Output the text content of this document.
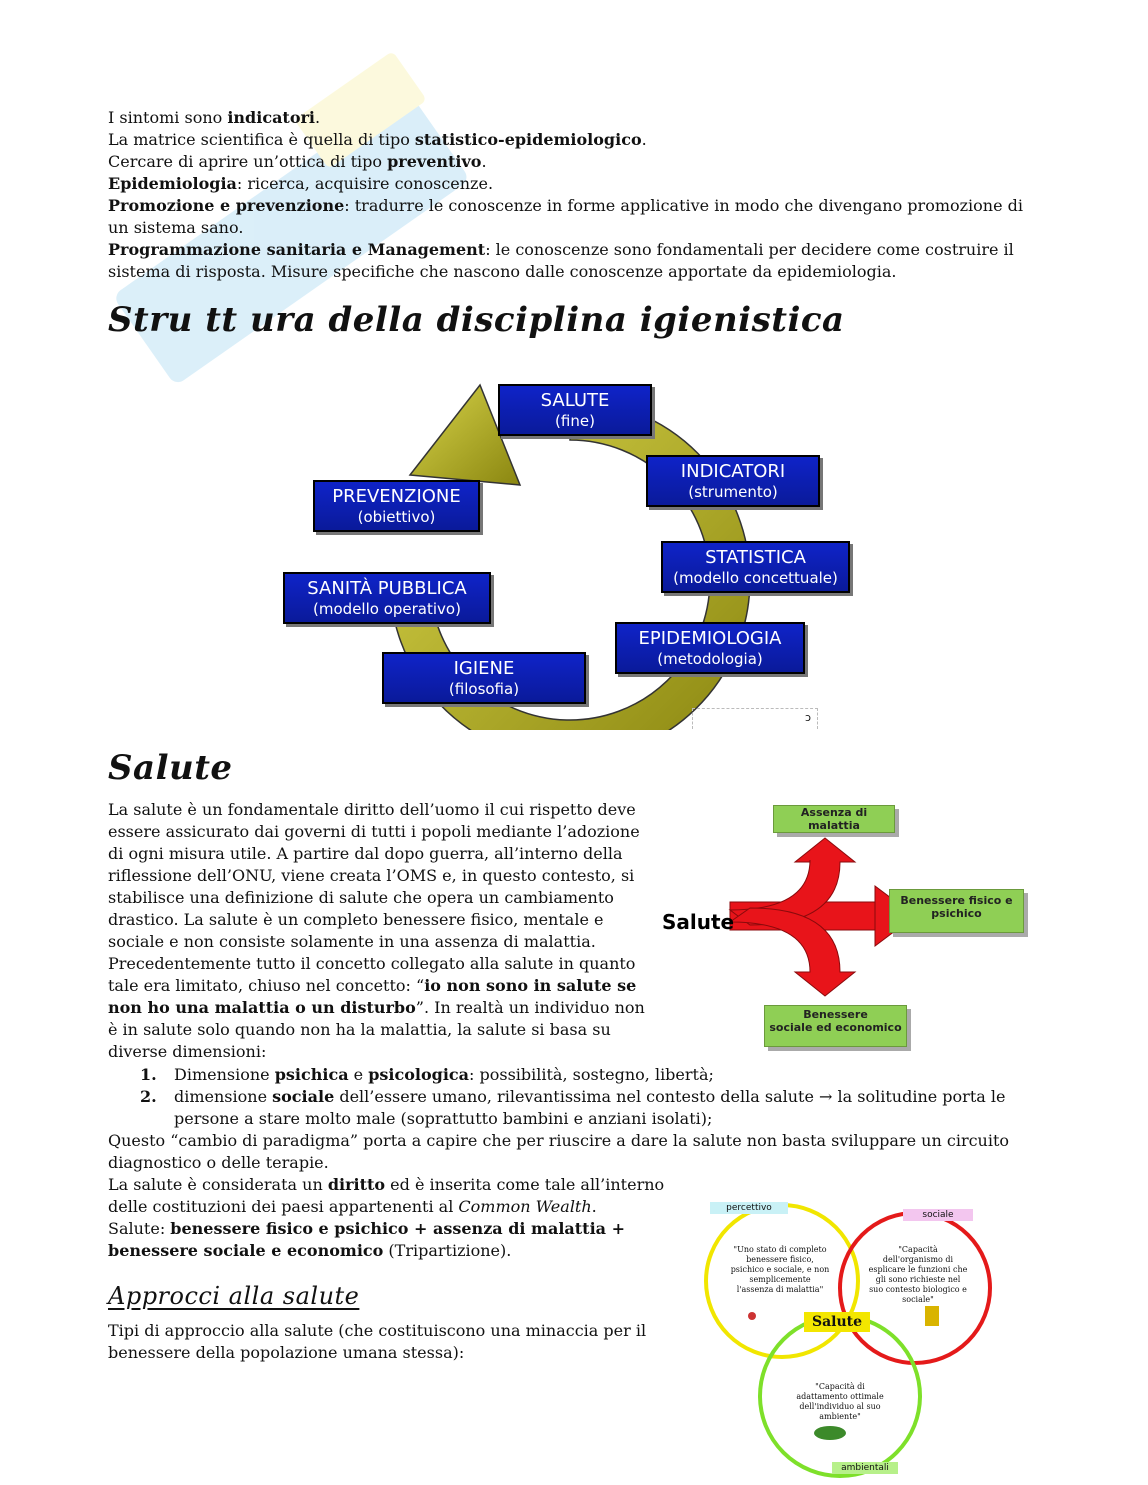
I sintomi sono indicatori.

La matrice scientifica è quella di tipo statistico-epidemiologico.

Cercare di aprire un’ottica di tipo preventivo.

Epidemiologia: ricerca, acquisire conoscenze.

Promozione e prevenzione: tradurre le conoscenze in forme applicative in modo che divengano promozione di un sistema sano.

Programmazione sanitaria e Management: le conoscenze sono fondamentali per decidere come costruire il sistema di risposta. Misure specifiche che nascono dalle conoscenze apportate da epidemiologia.

Stru tt ura della disciplina igienistica
SALUTE
(fine)
INDICATORI
(strumento)
STATISTICA
(modello concettuale)
EPIDEMIOLOGIA
(metodologia)
IGIENE
(filosofia)
SANITÀ PUBBLICA
(modello operativo)
PREVENZIONE
(obiettivo)
ͻ
Salute

La salute è un fondamentale diritto dell’uomo il cui rispetto deve essere assicurato dai governi di tutti i popoli mediante l’adozione di ogni misura utile. A partire dal dopo guerra, all’interno della riflessione dell’ONU, viene creata l’OMS e, in questo contesto, si stabilisce una definizione di salute che opera un cambiamento drastico. La salute è un completo benessere fisico, mentale e sociale e non consiste solamente in una assenza di malattia. Precedentemente tutto il concetto collegato alla salute in quanto tale era limitato, chiuso nel concetto: “io non sono in salute se non ho una malattia o un disturbo”. In realtà un individuo non è in salute solo quando non ha la malattia, la salute si basa su diverse dimensioni:

Salute
Assenza di malattia
Benessere fisico e psichico
Benessere
sociale ed economico
1. Dimensione psichica e psicologica: possibilità, sostegno, libertà;
2. dimensione sociale dell’essere umano, rilevantissima nel contesto della salute → la solitudine porta le persone a stare molto male (soprattutto bambini e anziani isolati);

Questo “cambio di paradigma” porta a capire che per riuscire a dare la salute non basta sviluppare un circuito diagnostico o delle terapie.

La salute è considerata un diritto ed è inserita come tale all’interno delle costituzioni dei paesi appartenenti al Common Wealth.

Salute: benessere fisico e psichico + assenza di malattia + benessere sociale e economico (Tripartizione).

Approcci alla salute

Tipi di approccio alla salute (che costituiscono una minaccia per il benessere della popolazione umana stessa):

percettivo
sociale
ambientali
Salute
"Uno stato di completo benessere fisico, psichico e sociale, e non semplicemente l'assenza di malattia"
"Capacità dell'organismo di esplicare le funzioni che gli sono richieste nel suo contesto biologico e sociale"
"Capacità di adattamento ottimale dell'individuo al suo ambiente"
